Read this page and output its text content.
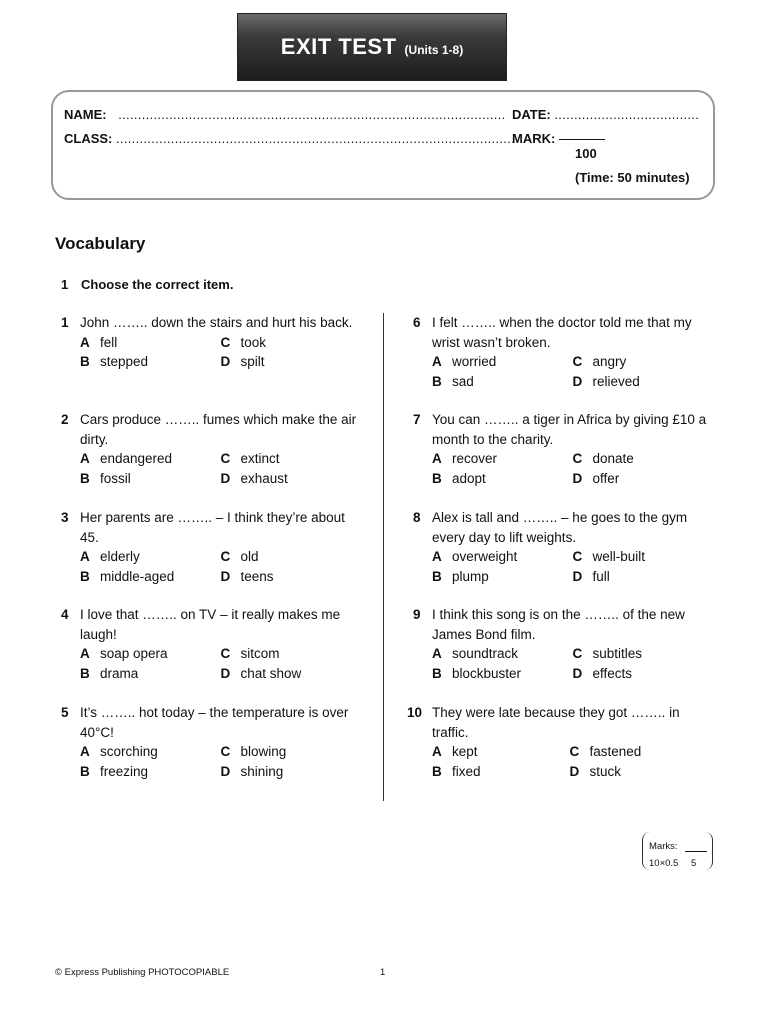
EXIT TEST (Units 1-8)
NAME: ................................................................................................... DATE: .....................................
CLASS: ......................................................................................................
MARK:
100
(Time: 50 minutes)
Vocabulary
1 Choose the correct item.
1 John …….. down the stairs and hurt his back.
A fell	C took
B stepped	D spilt
2 Cars produce …….. fumes which make the air dirty.
A endangered	C extinct
B fossil	D exhaust
3 Her parents are …….. – I think they’re about 45.
A elderly	C old
B middle-aged	D teens
4 I love that …….. on TV – it really makes me laugh!
A soap opera	C sitcom
B drama	D chat show
5 It’s …….. hot today – the temperature is over 40°C!
A scorching	C blowing
B freezing	D shining
6 I felt …….. when the doctor told me that my wrist wasn’t broken.
A worried	C angry
B sad	D relieved
7 You can …….. a tiger in Africa by giving £10 a month to the charity.
A recover	C donate
B adopt	D offer
8 Alex is tall and …….. – he goes to the gym every day to lift weights.
A overweight	C well-built
B plump	D full
9 I think this song is on the …….. of the new James Bond film.
A soundtrack	C subtitles
B blockbuster	D effects
10 They were late because they got …….. in traffic.
A kept	C fastened
B fixed	D stuck
Marks:
10×0.5 5
© Express Publishing PHOTOCOPIABLE	1
